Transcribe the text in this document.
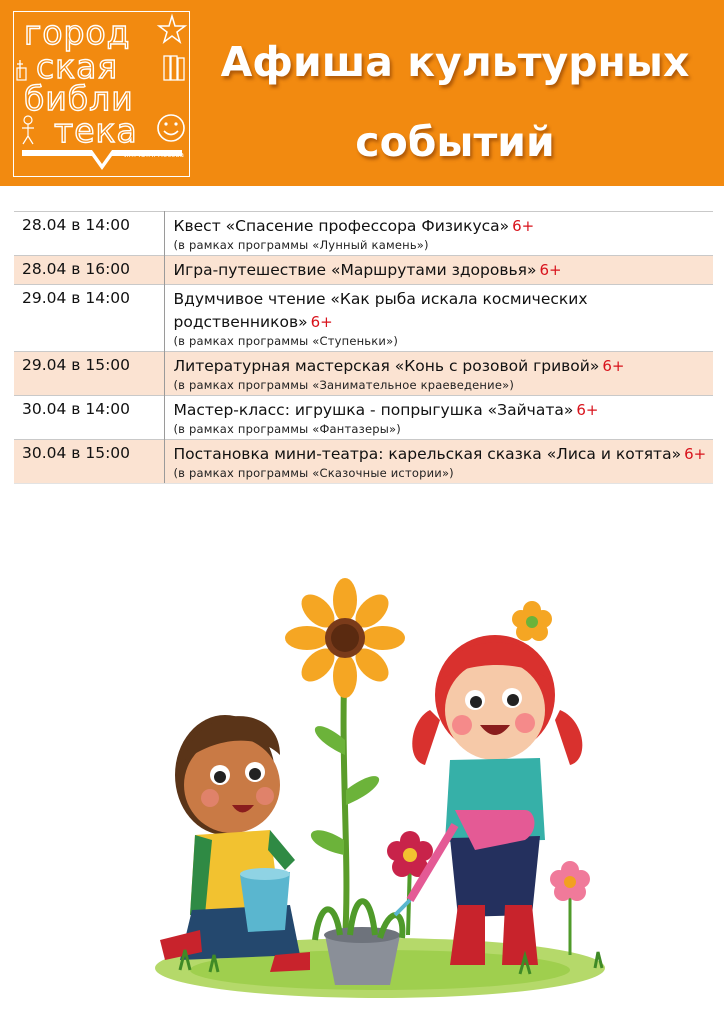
город
ская
библи
тека
им. Ю.Н. Носова
Афиша культурных
событий
28.04 в 14:00	Квест «Спасение профессора Физикуса» 6+
(в рамках программы «Лунный камень»)

28.04 в 16:00	Игра-путешествие «Маршрутами здоровья» 6+

29.04 в 14:00	Вдумчивое чтение «Как рыба искала космических родственников» 6+
(в рамках программы «Ступеньки»)

29.04 в 15:00	Литературная мастерская «Конь с розовой гривой» 6+
(в рамках программы «Занимательное краеведение»)

30.04 в 14:00	Мастер-класс: игрушка - попрыгушка «Зайчата» 6+
(в рамках программы «Фантазеры»)

30.04 в 15:00	Постановка мини-театра: карельская сказка «Лиса и котята» 6+
(в рамках программы «Сказочные истории»)
